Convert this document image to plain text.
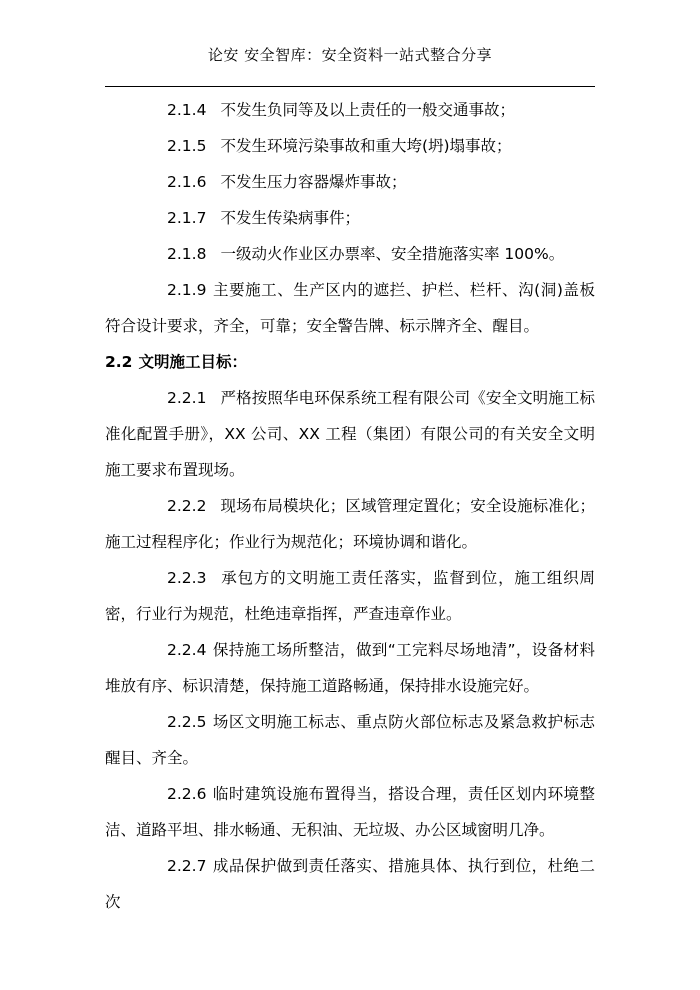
论安 安全智库：安全资料一站式整合分享

2.1.4 不发生负同等及以上责任的一般交通事故；

2.1.5 不发生环境污染事故和重大垮(坍)塌事故；

2.1.6 不发生压力容器爆炸事故；

2.1.7 不发生传染病事件；

2.1.8 一级动火作业区办票率、安全措施落实率 100%。

2.1.9 主要施工、生产区内的遮拦、护栏、栏杆、沟(洞)盖板符合设计要求，齐全，可靠；安全警告牌、标示牌齐全、醒目。

2.2 文明施工目标：

2.2.1 严格按照华电环保系统工程有限公司《安全文明施工标准化配置手册》，XX 公司、XX 工程（集团）有限公司的有关安全文明施工要求布置现场。

2.2.2 现场布局模块化；区域管理定置化；安全设施标准化；施工过程程序化；作业行为规范化；环境协调和谐化。

2.2.3 承包方的文明施工责任落实，监督到位，施工组织周密，行业行为规范，杜绝违章指挥，严查违章作业。

2.2.4 保持施工场所整洁，做到“工完料尽场地清”，设备材料堆放有序、标识清楚，保持施工道路畅通，保持排水设施完好。

2.2.5 场区文明施工标志、重点防火部位标志及紧急救护标志醒目、齐全。

2.2.6 临时建筑设施布置得当，搭设合理，责任区划内环境整洁、道路平坦、排水畅通、无积油、无垃圾、办公区域窗明几净。

2.2.7 成品保护做到责任落实、措施具体、执行到位，杜绝二次
